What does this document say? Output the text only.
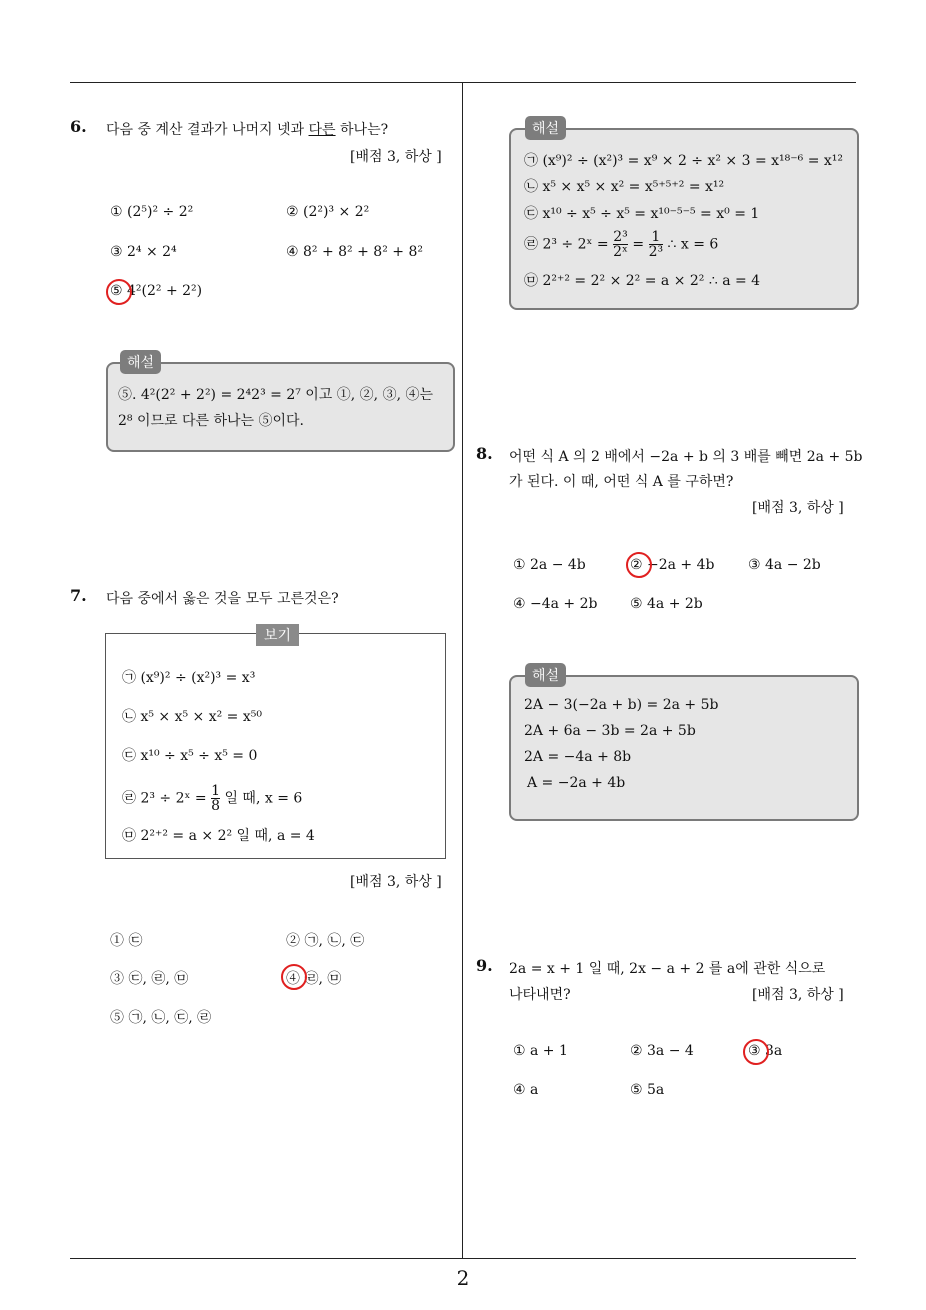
2
6. 다음 중 계산 결과가 나머지 넷과 다른 하나는?
[배점 3, 하상 ]
① (2⁵)² ÷ 2²	② (2²)³ × 2²
③ 2⁴ × 2⁴	④ 8² + 8² + 8² + 8²
⑤ 4²(2² + 2²)
⑤. 4²(2² + 2²) = 2⁴2³ = 2⁷ 이고 ①, ②, ③, ④는
2⁸ 이므로 다른 하나는 ⑤이다.
해설
7. 다음 중에서 옳은 것을 모두 고른것은?
㉠ (x⁹)² ÷ (x²)³ = x³
㉡ x⁵ × x⁵ × x² = x⁵⁰
㉢ x¹⁰ ÷ x⁵ ÷ x⁵ = 0
㉣ 2³ ÷ 2ˣ = $\frac{1}{8}$ 일 때, x = 6
㉤ 2²⁺² = a × 2² 일 때, a = 4
보기
[배점 3, 하상 ]
① ㉢	② ㉠, ㉡, ㉢
③ ㉢, ㉣, ㉤	④ ㉣, ㉤
⑤ ㉠, ㉡, ㉢, ㉣
㉠ (x⁹)² ÷ (x²)³ = x⁹ × 2 ÷ x² × 3 = x¹⁸⁻⁶ = x¹²
㉡ x⁵ × x⁵ × x² = x⁵⁺⁵⁺² = x¹²
㉢ x¹⁰ ÷ x⁵ ÷ x⁵ = x¹⁰⁻⁵⁻⁵ = x⁰ = 1
㉣ 2³ ÷ 2ˣ = $\frac{\text{2³}}{\text{2ˣ}} = \frac{1}{\text{2³}}$ ∴ x = 6
㉤ 2²⁺² = 2² × 2² = a × 2² ∴ a = 4
해설
8. 어떤 식 A 의 2 배에서 −2a + b 의 3 배를 빼면 2a + 5b
가 된다. 이 때, 어떤 식 A 를 구하면?
[배점 3, 하상 ]
① 2a − 4b	② −2a + 4b ③ 4a − 2b
④ −4a + 2b ⑤ 4a + 2b
2A − 3(−2a + b) = 2a + 5b
2A + 6a − 3b = 2a + 5b
2A = −4a + 8b
A = −2a + 4b
해설
9. 2a = x + 1 일 때, 2x − a + 2 를 a에 관한 식으로
나타내면?	[배점 3, 하상 ]
① a + 1	② 3a − 4	③ 3a
④ a	⑤ 5a
